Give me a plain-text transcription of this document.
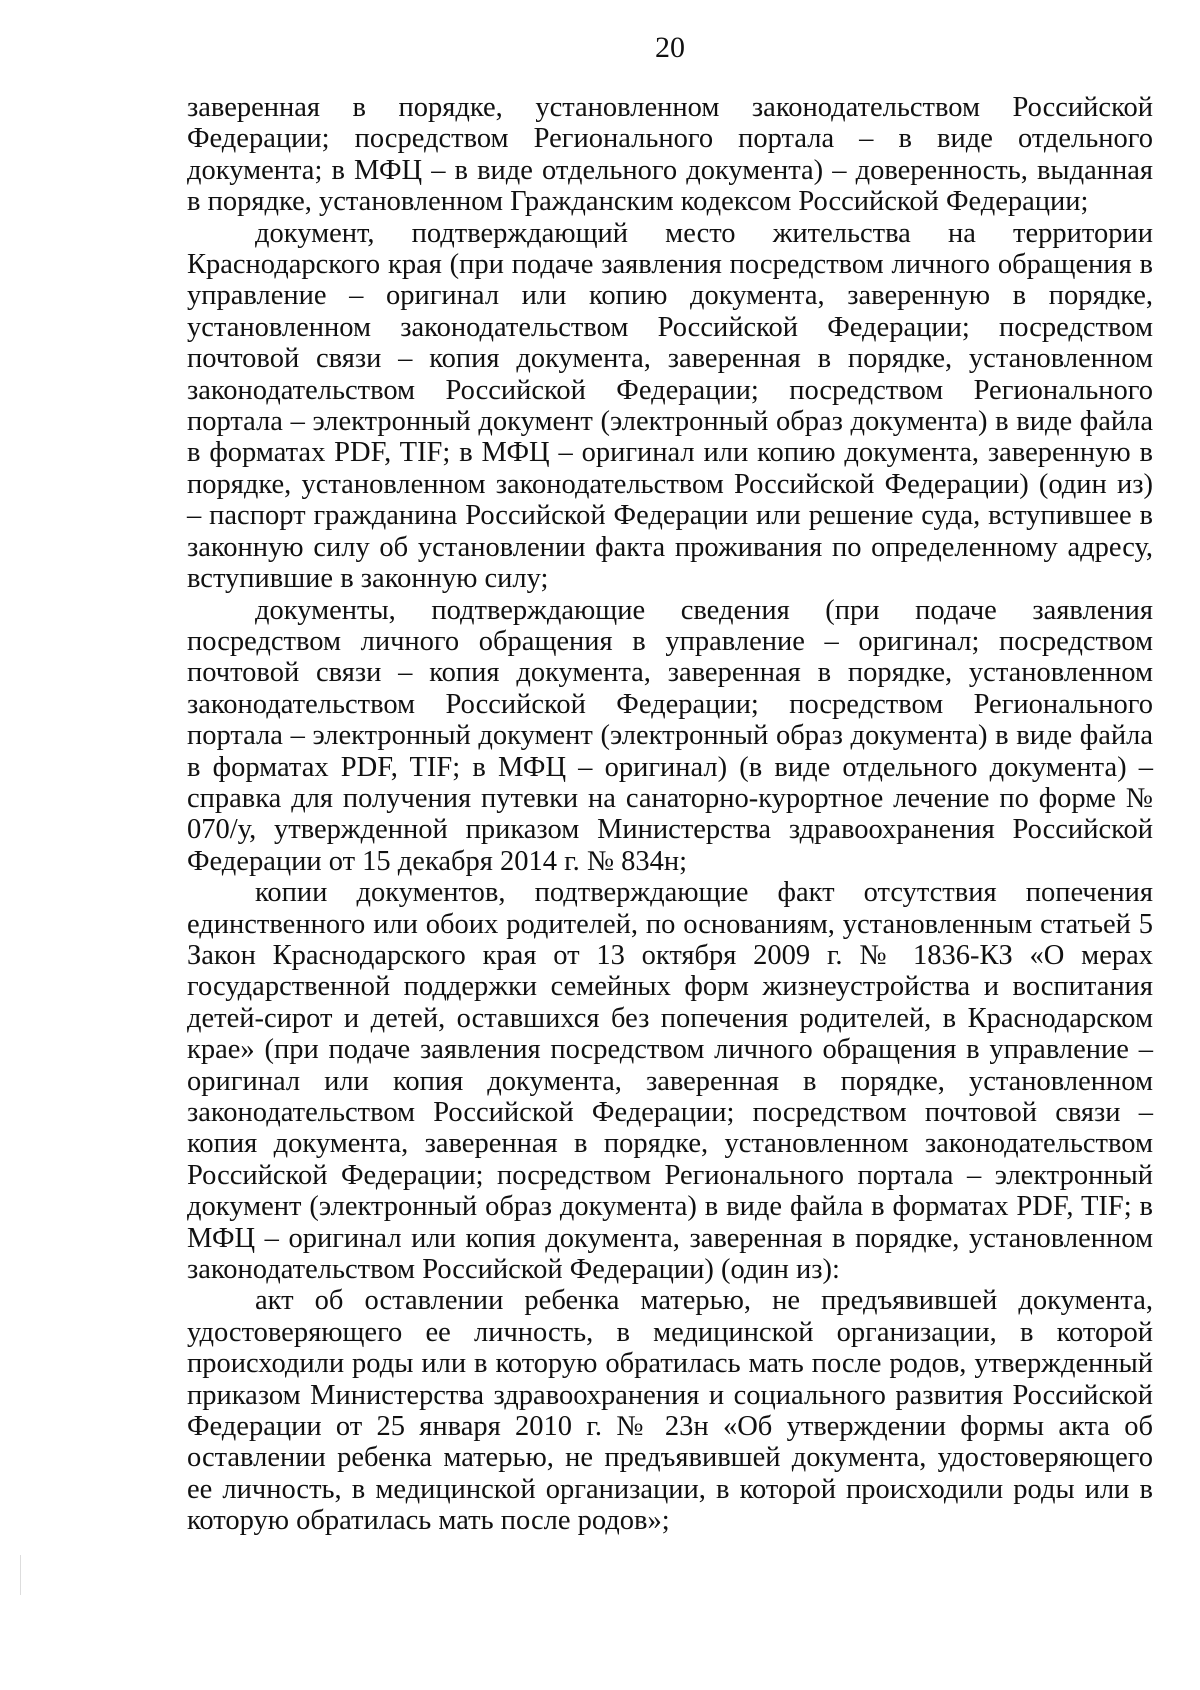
20

заверенная в порядке, установленном законодательством Российской Федерации; посредством Регионального портала – в виде отдельного документа; в МФЦ – в виде отдельного документа) – доверенность, выданная в порядке, установленном Гражданским кодексом Российской Федерации;

документ, подтверждающий место жительства на территории Краснодарского края (при подаче заявления посредством личного обращения в управление – оригинал или копию документа, заверенную в порядке, установленном законодательством Российской Федерации; посредством почтовой связи – копия документа, заверенная в порядке, установленном законодательством Российской Федерации; посредством Регионального портала – электронный документ (электронный образ документа) в виде файла в форматах PDF, TIF; в МФЦ – оригинал или копию документа, заверенную в порядке, установленном законодательством Российской Федерации) (один из) – паспорт гражданина Российской Федерации или решение суда, вступившее в законную силу об установлении факта проживания по определенному адресу, вступившие в законную силу;

документы, подтверждающие сведения (при подаче заявления посредством личного обращения в управление – оригинал; посредством почтовой связи – копия документа, заверенная в порядке, установленном законодательством Российской Федерации; посредством Регионального портала – электронный документ (электронный образ документа) в виде файла в форматах PDF, TIF; в МФЦ – оригинал) (в виде отдельного документа) – справка для получения путевки на санаторно-курортное лечение по форме № 070/у, утвержденной приказом Министерства здравоохранения Российской Федерации от 15 декабря 2014 г. № 834н;

копии документов, подтверждающие факт отсутствия попечения единственного или обоих родителей, по основаниям, установленным статьей 5 Закон Краснодарского края от 13 октября 2009 г. № 1836-КЗ «О мерах государственной поддержки семейных форм жизнеустройства и воспитания детей-сирот и детей, оставшихся без попечения родителей, в Краснодарском крае» (при подаче заявления посредством личного обращения в управление – оригинал или копия документа, заверенная в порядке, установленном законодательством Российской Федерации; посредством почтовой связи – копия документа, заверенная в порядке, установленном законодательством Российской Федерации; посредством Регионального портала – электронный документ (электронный образ документа) в виде файла в форматах PDF, TIF; в МФЦ – оригинал или копия документа, заверенная в порядке, установленном законодательством Российской Федерации) (один из):

акт об оставлении ребенка матерью, не предъявившей документа, удостоверяющего ее личность, в медицинской организации, в которой происходили роды или в которую обратилась мать после родов, утвержденный приказом Министерства здравоохранения и социального развития Российской Федерации от 25 января 2010 г. № 23н «Об утверждении формы акта об оставлении ребенка матерью, не предъявившей документа, удостоверяющего ее личность, в медицинской организации, в которой происходили роды или в которую обратилась мать после родов»;
